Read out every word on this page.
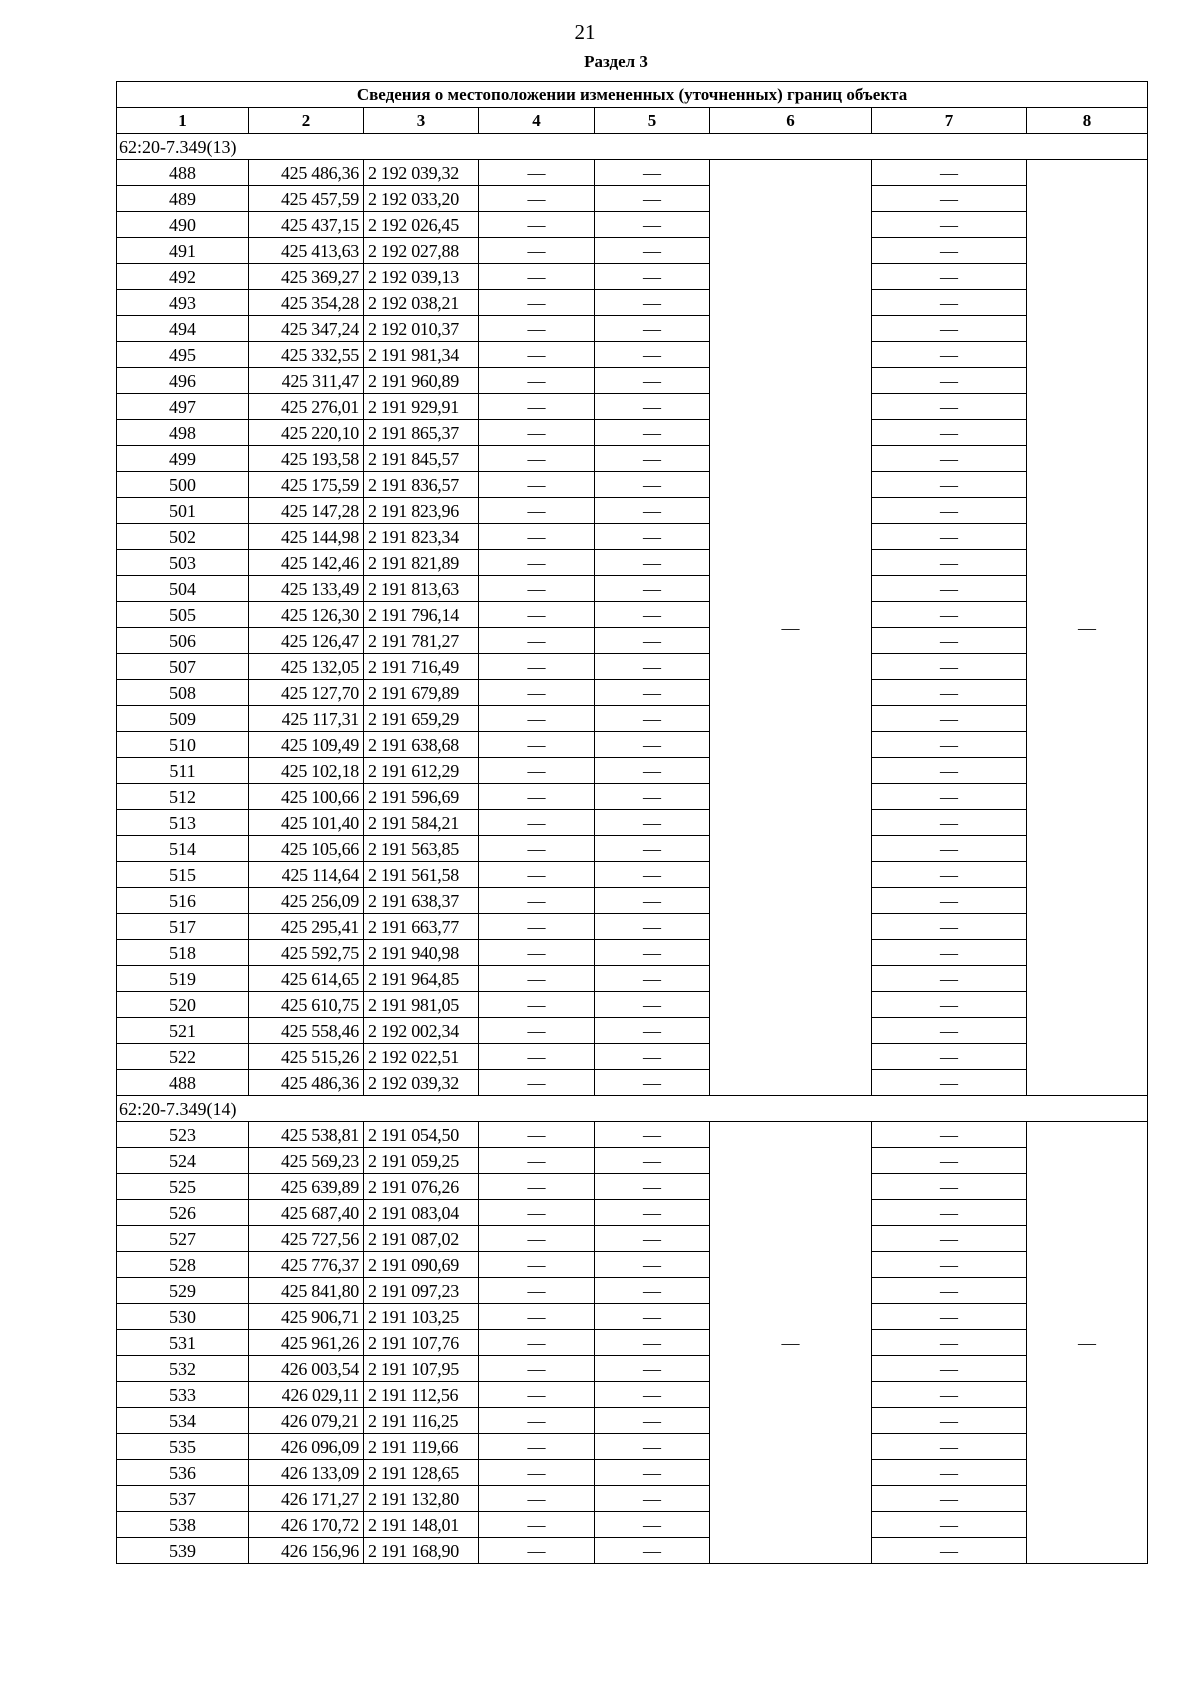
21
Раздел 3
Сведения о местоположении измененных (уточненных) границ объекта							
1	2	3	4	5	6	7	8
62:20-7.349(13)							
488	425 486,36	2 192 039,32	—	—	—	—	—
489	425 457,59	2 192 033,20	—	—		—	
490	425 437,15	2 192 026,45	—	—		—	
491	425 413,63	2 192 027,88	—	—		—	
492	425 369,27	2 192 039,13	—	—		—	
493	425 354,28	2 192 038,21	—	—		—	
494	425 347,24	2 192 010,37	—	—		—	
495	425 332,55	2 191 981,34	—	—		—	
496	425 311,47	2 191 960,89	—	—		—	
497	425 276,01	2 191 929,91	—	—		—	
498	425 220,10	2 191 865,37	—	—		—	
499	425 193,58	2 191 845,57	—	—		—	
500	425 175,59	2 191 836,57	—	—		—	
501	425 147,28	2 191 823,96	—	—		—	
502	425 144,98	2 191 823,34	—	—		—	
503	425 142,46	2 191 821,89	—	—		—	
504	425 133,49	2 191 813,63	—	—		—	
505	425 126,30	2 191 796,14	—	—		—	
506	425 126,47	2 191 781,27	—	—		—	
507	425 132,05	2 191 716,49	—	—		—	
508	425 127,70	2 191 679,89	—	—		—	
509	425 117,31	2 191 659,29	—	—		—	
510	425 109,49	2 191 638,68	—	—		—	
511	425 102,18	2 191 612,29	—	—		—	
512	425 100,66	2 191 596,69	—	—		—	
513	425 101,40	2 191 584,21	—	—		—	
514	425 105,66	2 191 563,85	—	—		—	
515	425 114,64	2 191 561,58	—	—		—	
516	425 256,09	2 191 638,37	—	—		—	
517	425 295,41	2 191 663,77	—	—		—	
518	425 592,75	2 191 940,98	—	—		—	
519	425 614,65	2 191 964,85	—	—		—	
520	425 610,75	2 191 981,05	—	—		—	
521	425 558,46	2 192 002,34	—	—		—	
522	425 515,26	2 192 022,51	—	—		—	
488	425 486,36	2 192 039,32	—	—		—	
62:20-7.349(14)							
523	425 538,81	2 191 054,50	—	—	—	—	—
524	425 569,23	2 191 059,25	—	—		—	
525	425 639,89	2 191 076,26	—	—		—	
526	425 687,40	2 191 083,04	—	—		—	
527	425 727,56	2 191 087,02	—	—		—	
528	425 776,37	2 191 090,69	—	—		—	
529	425 841,80	2 191 097,23	—	—		—	
530	425 906,71	2 191 103,25	—	—		—	
531	425 961,26	2 191 107,76	—	—		—	
532	426 003,54	2 191 107,95	—	—		—	
533	426 029,11	2 191 112,56	—	—		—	
534	426 079,21	2 191 116,25	—	—		—	
535	426 096,09	2 191 119,66	—	—		—	
536	426 133,09	2 191 128,65	—	—		—	
537	426 171,27	2 191 132,80	—	—		—	
538	426 170,72	2 191 148,01	—	—		—	
539	426 156,96	2 191 168,90	—	—		—	
